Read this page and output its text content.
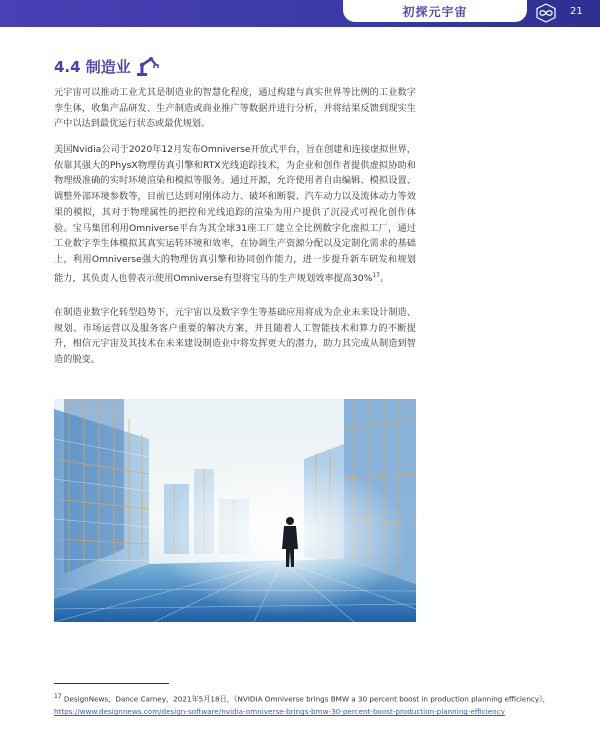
初探元宇宙	21
4.4 制造业

元宇宙可以推动工业尤其是制造业的智慧化程度，通过构建与真实世界等比例的工业数字孪生体，收集产品研发、生产制造或商业推广等数据并进行分析，并将结果反馈到现实生产中以达到最优运行状态或最优规划。

美国Nvidia公司于2020年12月发布Omniverse开放式平台，旨在创建和连接虚拟世界，依靠其强大的PhysX物理仿真引擎和RTX光线追踪技术，为企业和创作者提供虚拟协助和物理级准确的实时环境渲染和模拟等服务。通过开源，允许使用者自由编辑、模拟设置、调整外部环境参数等，目前已达到对刚体动力、破坏和断裂、汽车动力以及流体动力等效果的模拟，其对于物理属性的把控和光线追踪的渲染为用户提供了沉浸式可视化创作体验。宝马集团利用Omniverse平台为其全球31座工厂建立全比例数字化虚拟工厂，通过工业数字孪生体模拟其真实运转环境和效率，在协调生产资源分配以及定制化需求的基础上，利用Omniverse强大的物理仿真引擎和协同创作能力，进一步提升新车研发和规划能力，其负责人也曾表示使用Omniverse有望将宝马的生产规划效率提高30%$^{17}$。

在制造业数字化转型趋势下，元宇宙以及数字孪生等基础应用将成为企业未来设计制造、规划、市场运营以及服务客户重要的解决方案，并且随着人工智能技术和算力的不断提升，相信元宇宙及其技术在未来建设制造业中将发挥更大的潜力，助力其完成从制造到智造的脱变。

$^{17}$ DesignNews，Dance Carney，2021年5月18日，《NVIDIA Omniverse brings BMW a 30 percent boost in production planning efficiency》，https://www.designnews.com/design-software/nvidia-omniverse-brings-bmw-30-percent-boost-production-planning-efficiency
